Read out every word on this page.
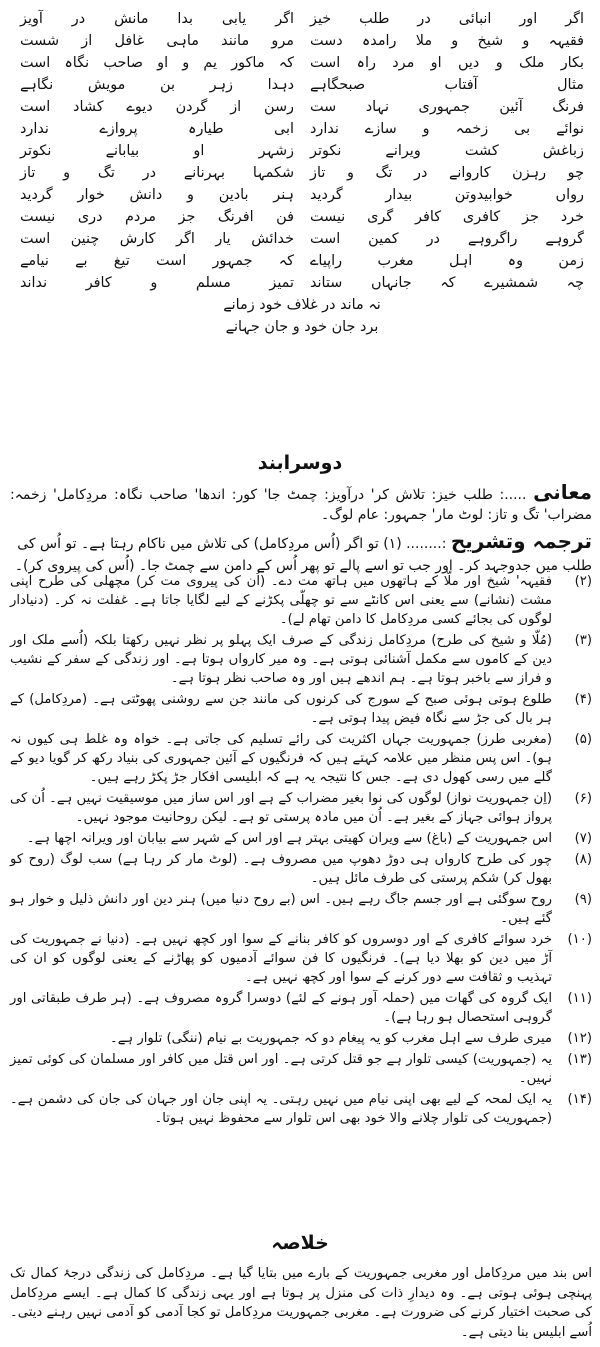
اگر اور انبائی در طلب خیز
اگر یابی بدا مانش در آویز
فقیہہ و شیخ و ملا رامدہ دست
مرو مانند ماہی غافل از شست
بکار ملک و دیں او مرد راہ است
کہ ماکور یم و او صاحب نگاہ است
مثال آفتاب صبحگاہے
دہدا زہر بن مویش نگاہے
فرنگ آئین جمہوری نہاد ست
رسن از گردن دیوے کشاد است
نوائے بی زخمہ و سازے ندارد
ابی طیارہ پروازے ندارد
زباغش کشت ویرانے نکوتر
زشہر او بیابانے نکوتر
چو رہزن کاروانے در تگ و تاز
شکمہا بہرنانے در تگ و تاز
رواں خوابیدوتن بیدار گردید
ہنر بادین و دانش خوار گردید
خرد جز کافری کافر گری نیست
فن افرنگ جز مردم دری نیست
گروہے راگروہے در کمین است
خدائش یار اگر کارش چنین است
زمن وہ اہل مغرب راپیاے
کہ جمہور است تیغ بے نیامے
چہ شمشیرے کہ جانہاں ستاند
تمیز مسلم و کافر نداند
نہ ماند در غلاف خود زمانے
برد جان خود و جان جہانے
دوسرابند
معانی .....: طلب خیز: تلاش کر' درآویز: چمٹ جا' کور: اندھا' صاحب نگاہ: مردِکامل' زخمہ: مضراب' تگ و تاز: لوٹ مار' جمہور: عام لوگ۔
ترجمہ وتشریح :........ (۱) تو اگر (اُس مردِکامل) کی تلاش میں ناکام رہتا ہے۔ تو اُس کی طلب میں جدوجہد کر۔ اور جب تو اسے پالے تو پھر اُس کے دامن سے چمٹ جا۔ (اُس کی پیروی کر)۔
(۲)
فقیہہ' شیخ اور ملّا کے ہاتھوں میں ہاتھ مت دے۔ (اُن کی پیروی مت کر) مچھلی کی طرح اپنی مشت (نشانے) سے یعنی اس کانٹے سے تو چھلّی پکڑنے کے لیے لگایا جاتا ہے۔ غفلت نہ کر۔ (دنیادار لوگوں کی بجائے کسی مردِکامل کا دامن تھام لے)۔
(۳)
(مُلّا و شیخ کی طرح) مردِکامل زندگی کے صرف ایک پہلو پر نظر نہیں رکھتا بلکہ (اُسے ملک اور دین کے کاموں سے مکمل آشنائی ہوتی ہے۔ وہ میر کارواں ہوتا ہے۔ اور زندگی کے سفر کے نشیب و فراز سے باخبر ہوتا ہے۔ ہم اندھے ہیں اور وہ صاحب نظر ہوتا ہے۔
(۴)
طلوع ہوتی ہوئی صبح کے سورج کی کرنوں کی مانند جن سے روشنی پھوٹتی ہے۔ (مردِکامل) کے ہر بال کی جڑ سے نگاہ فیض پیدا ہوتی ہے۔
(۵)
(مغربی طرز) جمہوریت جہاں اکثریت کی رائے تسلیم کی جاتی ہے۔ خواہ وہ غلط ہی کیوں نہ ہو)۔ اس پس منظر میں علامہ کہتے ہیں کہ فرنگیوں کے آئین جمہوری کی بنیاد رکھ کر گویا دیو کے گلے میں رسی کھول دی ہے۔ جس کا نتیجہ یہ ہے کہ ابلیسی افکار جڑ پکڑ رہے ہیں۔
(۶)
(اِن جمہوریت نواز) لوگوں کی نوا بغیر مضراب کے ہے اور اس ساز میں موسیقیت نہیں ہے۔ اُن کی پرواز ہوائی جہاز کے بغیر ہے۔ اُن میں مادہ پرستی تو ہے۔ لیکن روحانیت موجود نہیں۔
(۷)
اس جمہوریت کے (باغ) سے ویران کھیتی بہتر ہے اور اس کے شہر سے بیابان اور ویرانہ اچھا ہے۔
(۸)
چور کی طرح کارواں ہی دوڑ دھوپ میں مصروف ہے۔ (لوٹ مار کر رہا ہے) سب لوگ (روح کو بھول کر) شکم پرستی کی طرف مائل ہیں۔
(۹)
روح سوگئی ہے اور جسم جاگ رہے ہیں۔ اس (بے روح دنیا میں) ہنر دین اور دانش ذلیل و خوار ہو گئے ہیں۔
(۱۰)
خرد سوائے کافری کے اور دوسروں کو کافر بنانے کے سوا اور کچھ نہیں ہے۔ (دنیا نے جمہوریت کی آڑ میں دین کو بھلا دیا ہے)۔ فرنگیوں کا فن سوائے آدمیوں کو پھاڑنے کے یعنی لوگوں کو ان کی تہذیب و ثقافت سے دور کرنے کے سوا اور کچھ نہیں ہے۔
(۱۱)
ایک گروہ کی گھات میں (حملہ آور ہونے کے لئے) دوسرا گروہ مصروف ہے۔ (ہر طرف طبقاتی اور گروہی استحصال ہو رہا ہے)۔
(۱۲)
میری طرف سے اہل مغرب کو یہ پیغام دو کہ جمہوریت بے نیام (ننگی) تلوار ہے۔
(۱۳)
یہ (جمہوریت) کیسی تلوار ہے جو قتل کرتی ہے۔ اور اس قتل میں کافر اور مسلمان کی کوئی تمیز نہیں۔
(۱۴)
یہ ایک لمحہ کے لیے بھی اپنی نیام میں نہیں رہتی۔ یہ اپنی جان اور جہان کی جان کی دشمن ہے۔ (جمہوریت کی تلوار چلانے والا خود بھی اس تلوار سے محفوظ نہیں ہوتا۔
خلاصہ
اس بند میں مردِکامل اور مغربی جمہوریت کے بارے میں بتایا گیا ہے۔ مردِکامل کی زندگی درجۂ کمال تک پہنچی ہوئی ہوتی ہے۔ وہ دیدارِ ذات کی منزل پر ہوتا ہے اور یہی زندگی کا کمال ہے۔ ایسے مردِکامل کی صحبت اختیار کرنے کی ضرورت ہے۔ مغربی جمہوریت مردِکامل تو کجا آدمی کو آدمی نہیں رہنے دیتی۔ اُسے ابلیس بنا دیتی ہے۔
